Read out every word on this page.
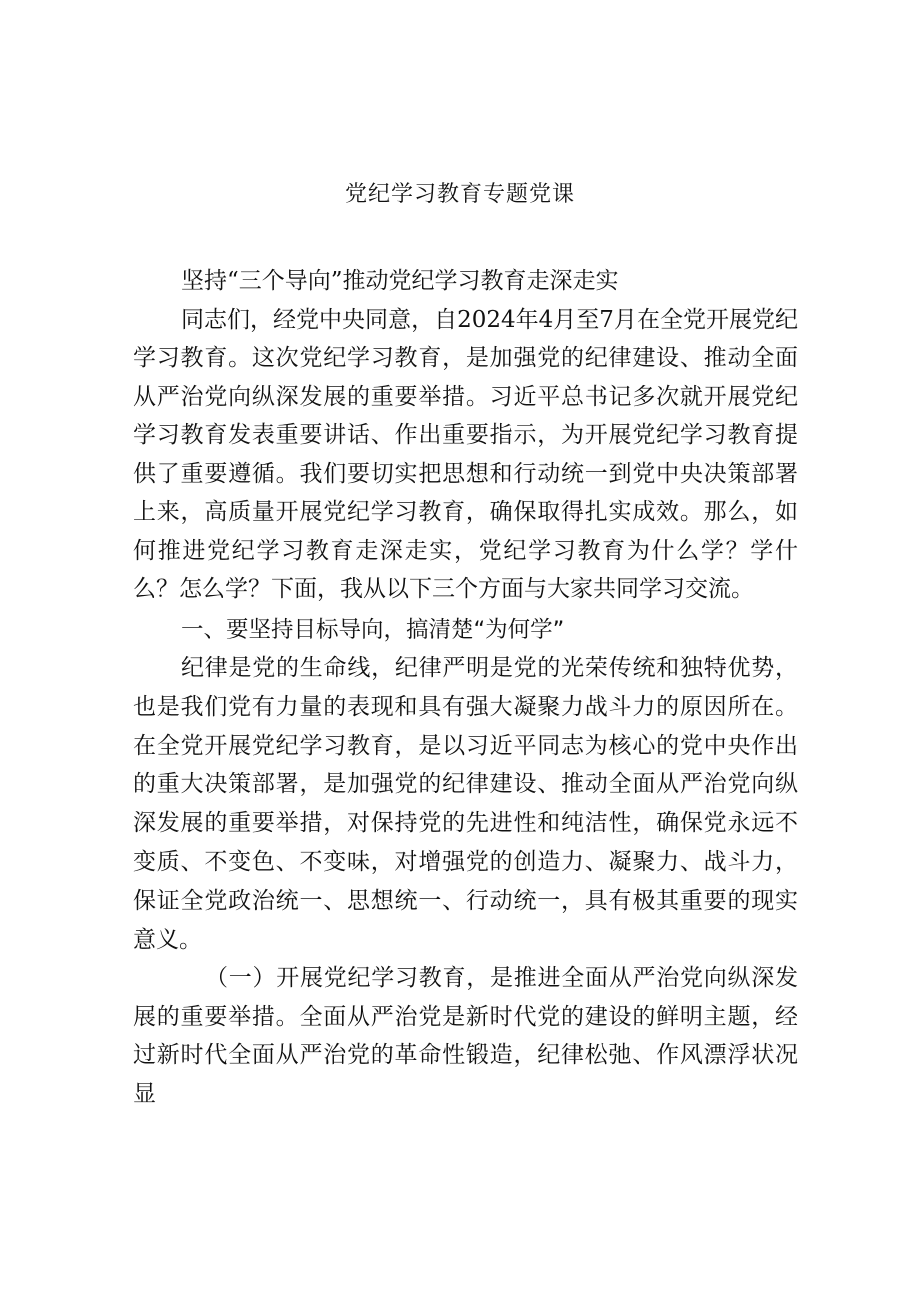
党纪学习教育专题党课

坚持“三个导向”推动党纪学习教育走深走实

同志们，经党中央同意，自2024年4月至7月在全党开展党纪学习教育。这次党纪学习教育，是加强党的纪律建设、推动全面从严治党向纵深发展的重要举措。习近平总书记多次就开展党纪学习教育发表重要讲话、作出重要指示，为开展党纪学习教育提供了重要遵循。我们要切实把思想和行动统一到党中央决策部署上来，高质量开展党纪学习教育，确保取得扎实成效。那么，如何推进党纪学习教育走深走实，党纪学习教育为什么学？学什么？怎么学？下面，我从以下三个方面与大家共同学习交流。

一、要坚持目标导向，搞清楚“为何学”

纪律是党的生命线，纪律严明是党的光荣传统和独特优势，也是我们党有力量的表现和具有强大凝聚力战斗力的原因所在。在全党开展党纪学习教育，是以习近平同志为核心的党中央作出的重大决策部署，是加强党的纪律建设、推动全面从严治党向纵深发展的重要举措，对保持党的先进性和纯洁性，确保党永远不变质、不变色、不变味，对增强党的创造力、凝聚力、战斗力，保证全党政治统一、思想统一、行动统一，具有极其重要的现实意义。

（一）开展党纪学习教育，是推进全面从严治党向纵深发展的重要举措。全面从严治党是新时代党的建设的鲜明主题，经过新时代全面从严治党的革命性锻造，纪律松弛、作风漂浮状况显
